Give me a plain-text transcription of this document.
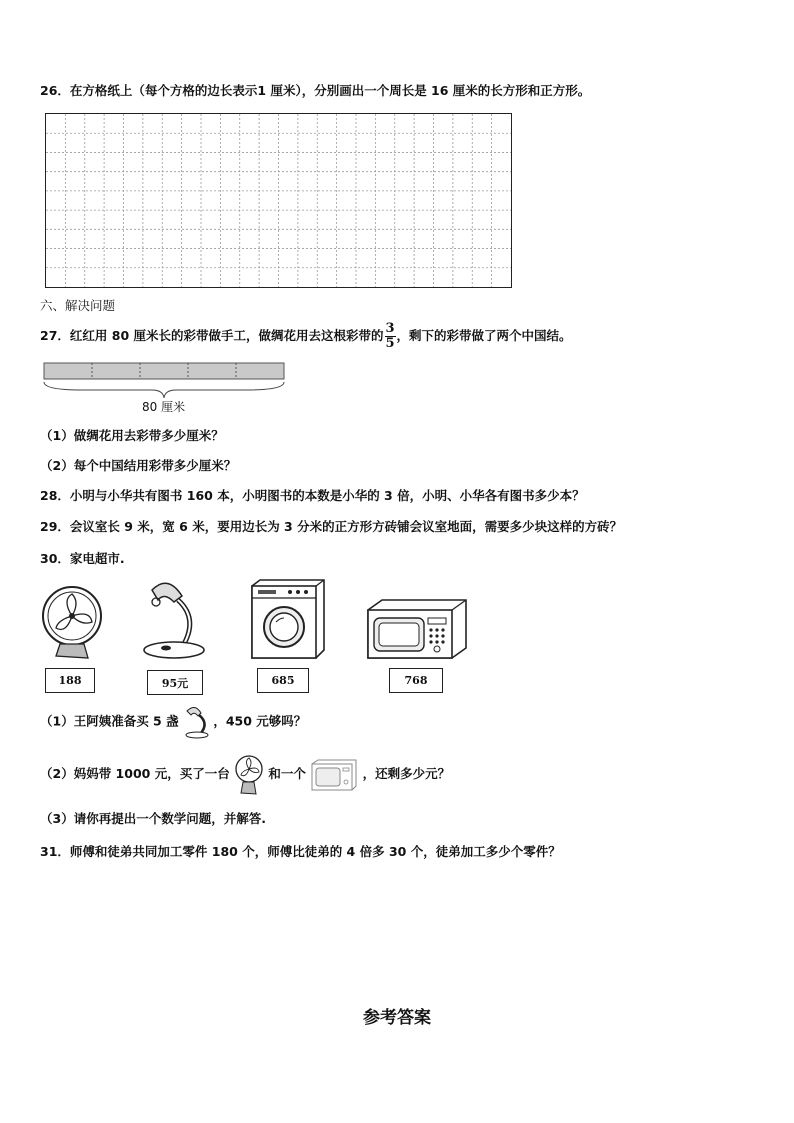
26．在方格纸上（每个方格的边长表示1 厘米），分别画出一个周长是 16 厘米的长方形和正方形。
六、解决问题
27．红红用 80 厘米长的彩带做手工，做绸花用去这根彩带的 $\frac{3}{5}$ ，剩下的彩带做了两个中国结。
80 厘米
（1）做绸花用去彩带多少厘米？
（2）每个中国结用彩带多少厘米？
28．小明与小华共有图书 160 本，小明图书的本数是小华的 3 倍，小明、小华各有图书多少本？
29．会议室长 9 米，宽 6 米，要用边长为 3 分米的正方形方砖铺会议室地面，需要多少块这样的方砖？
30．家电超市.
188	95元	685	768
（1）王阿姨准备买 5 盏	，450 元够吗？
（2）妈妈带 1000 元，买了一台	和一个	，还剩多少元？
（3）请你再提出一个数学问题，并解答.
31．师傅和徒弟共同加工零件 180 个，师傅比徒弟的 4 倍多 30 个，徒弟加工多少个零件？
参考答案
